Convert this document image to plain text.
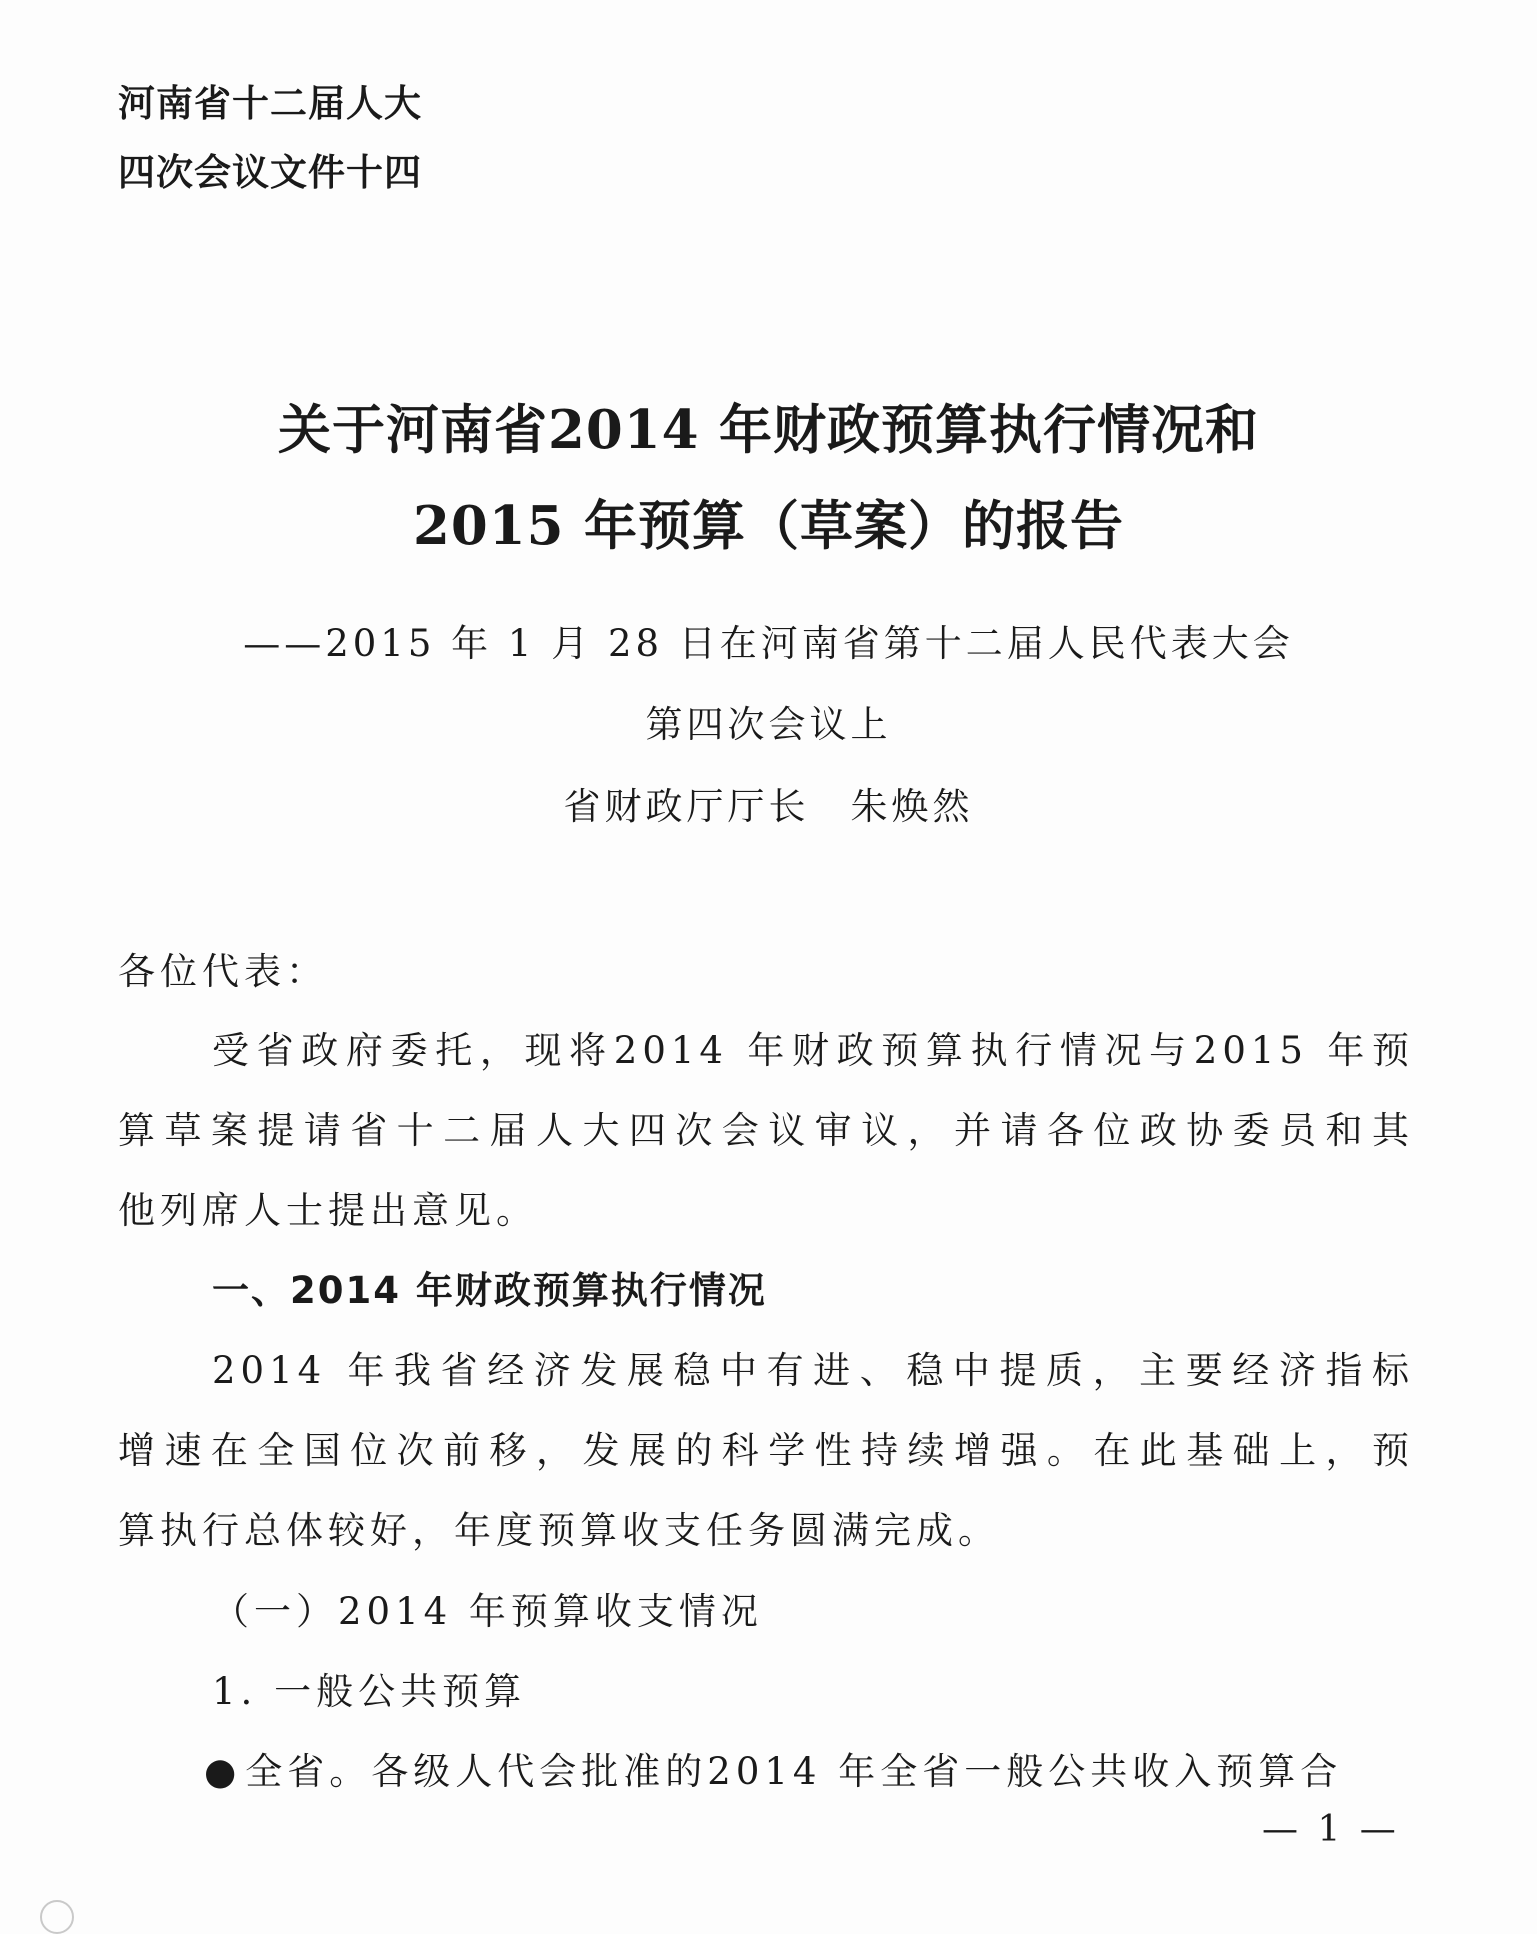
河南省十二届人大
四次会议文件十四
关于河南省2014 年财政预算执行情况和
2015 年预算（草案）的报告
——2015 年 1 月 28 日在河南省第十二届人民代表大会
第四次会议上
省财政厅厅长　朱焕然
各位代表：
受省政府委托，现将2014 年财政预算执行情况与2015 年预
算草案提请省十二届人大四次会议审议，并请各位政协委员和其
他列席人士提出意见。
一、2014 年财政预算执行情况
2014 年我省经济发展稳中有进、稳中提质，主要经济指标
增速在全国位次前移，发展的科学性持续增强。在此基础上，预
算执行总体较好，年度预算收支任务圆满完成。
（一）2014 年预算收支情况
1. 一般公共预算
● 全省。各级人代会批准的2014 年全省一般公共收入预算合
— 1 —
